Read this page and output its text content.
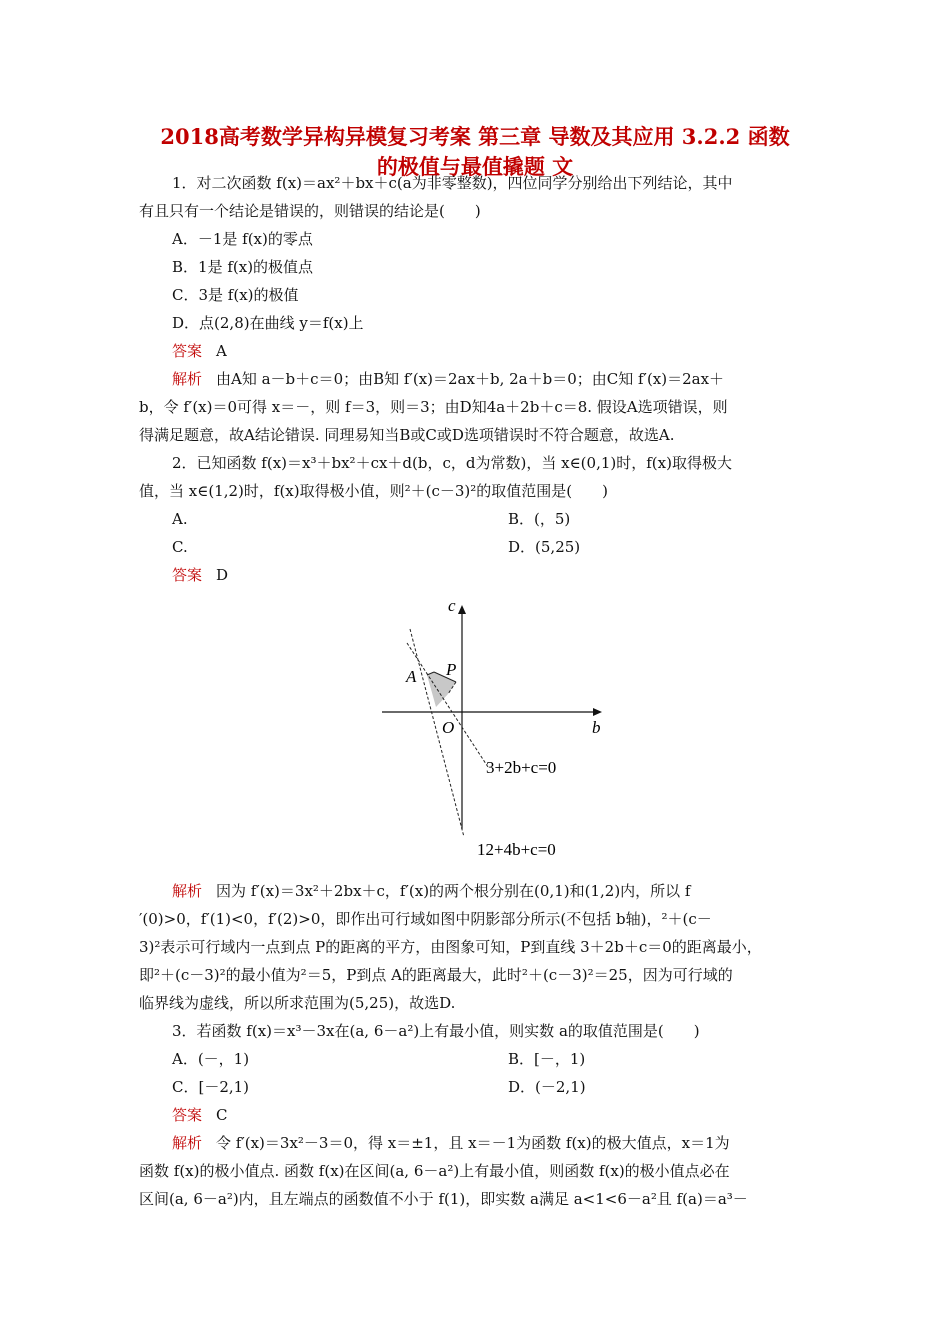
2018高考数学异构异模复习考案 第三章 导数及其应用 3.2.2 函数
的极值与最值撬题 文
1．对二次函数 f(x)＝ax²＋bx＋c(a为非零整数)，四位同学分别给出下列结论，其中
有且只有一个结论是错误的，则错误的结论是(　　)
A．－1是 f(x)的零点
B．1是 f(x)的极值点
C．3是 f(x)的极值
D．点(2,8)在曲线 y＝f(x)上
答案 A
解析 由A知 a－b＋c＝0；由B知 f′(x)＝2ax＋b, 2a＋b＝0；由C知 f′(x)＝2ax＋
b，令 f′(x)＝0可得 x＝－，则 f＝3，则＝3；由D知4a＋2b＋c＝8. 假设A选项错误，则
得满足题意，故A结论错误. 同理易知当B或C或D选项错误时不符合题意，故选A.
2．已知函数 f(x)＝x³＋bx²＋cx＋d(b，c，d为常数)，当 x∈(0,1)时，f(x)取得极大
值，当 x∈(1,2)时，f(x)取得极小值，则²＋(c－3)²的取值范围是(　　)
A.	B．(，5)
C.	D．(5,25)
答案 D
c
b
P
A
O
3+2b+c=0
12+4b+c=0
解析 因为 f′(x)＝3x²＋2bx＋c，f′(x)的两个根分别在(0,1)和(1,2)内，所以 f
′(0)>0，f′(1)<0，f′(2)>0，即作出可行域如图中阴影部分所示(不包括 b轴)，²＋(c－
3)²表示可行域内一点到点 P的距离的平方，由图象可知，P到直线 3＋2b＋c＝0的距离最小，
即²＋(c－3)²的最小值为²＝5，P到点 A的距离最大，此时²＋(c－3)²＝25，因为可行域的
临界线为虚线，所以所求范围为(5,25)，故选D.
3．若函数 f(x)＝x³－3x在(a, 6－a²)上有最小值，则实数 a的取值范围是(　　)
A．(－，1)	B．[－，1)
C．[－2,1)	D．(－2,1)
答案 C
解析 令 f′(x)＝3x²－3＝0，得 x＝±1，且 x＝－1为函数 f(x)的极大值点，x＝1为
函数 f(x)的极小值点. 函数 f(x)在区间(a, 6－a²)上有最小值，则函数 f(x)的极小值点必在
区间(a, 6－a²)内，且左端点的函数值不小于 f(1)，即实数 a满足 a<1<6－a²且 f(a)＝a³－
